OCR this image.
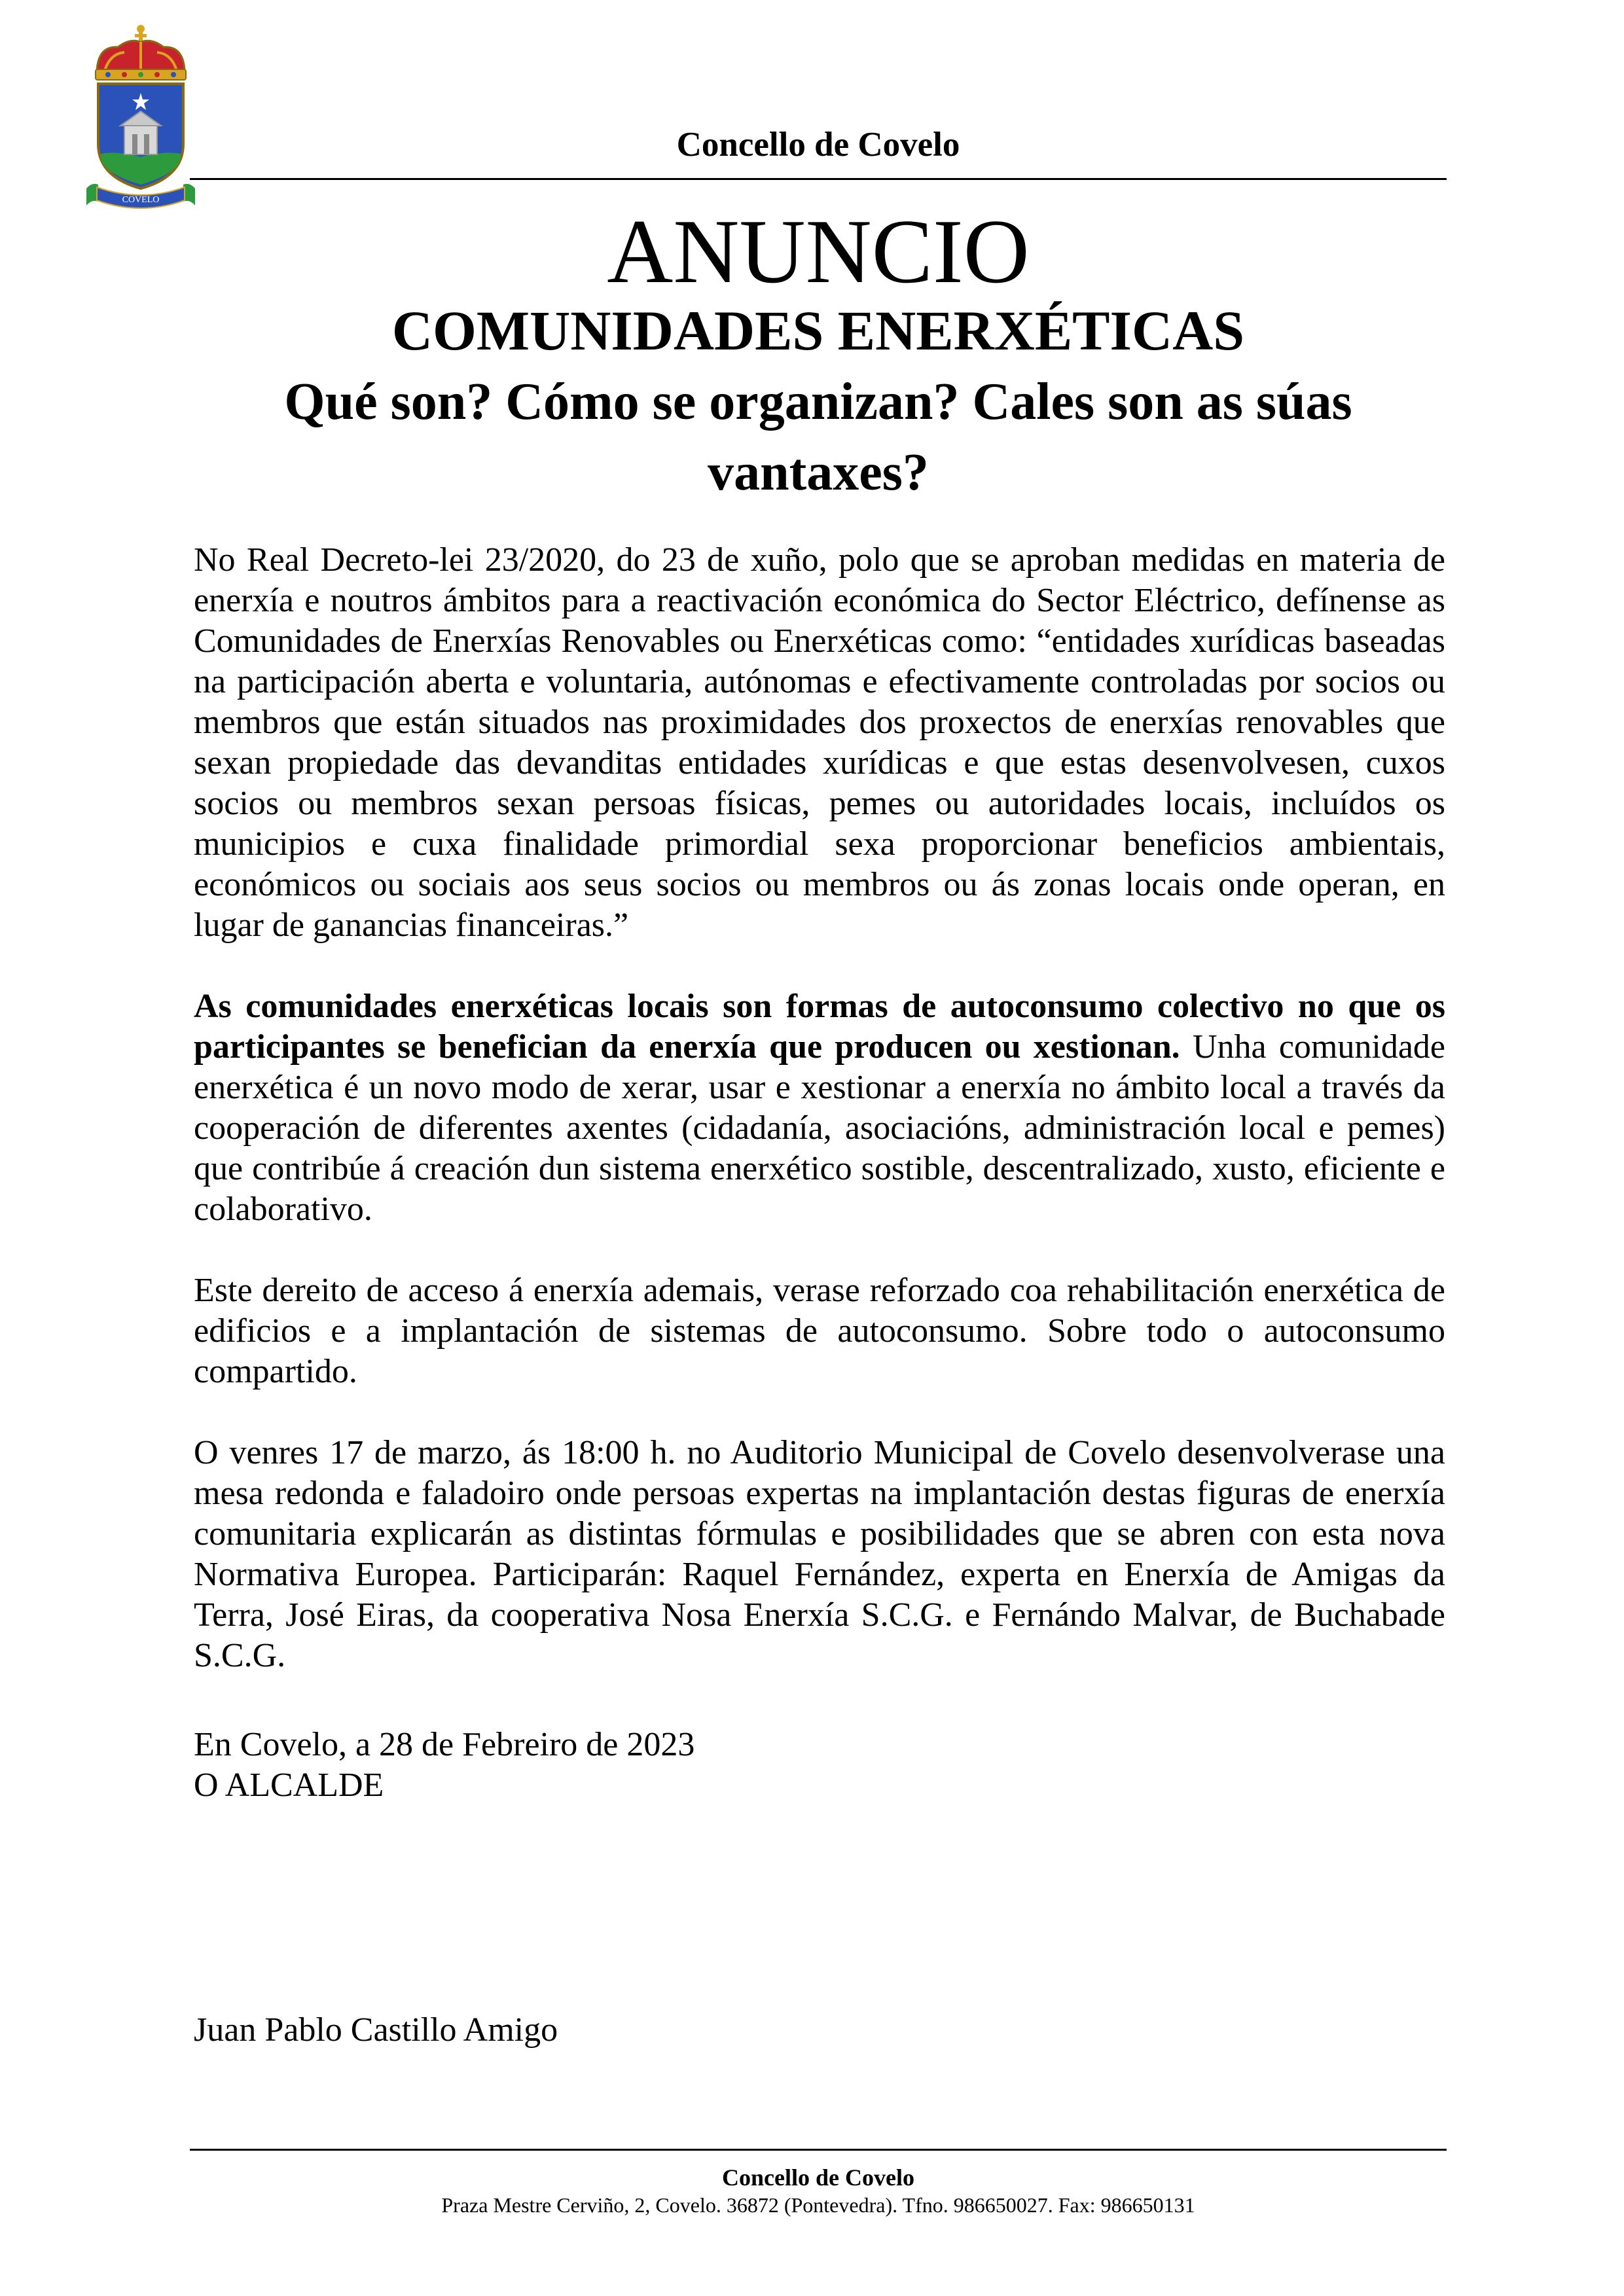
COVELO
Concello de Covelo
ANUNCIO
COMUNIDADES ENERXÉTICAS
Qué son? Cómo se organizan? Cales son as súas vantaxes?

No Real Decreto-lei 23/2020, do 23 de xuño, polo que se aproban medidas en materia de enerxía e noutros ámbitos para a reactivación económica do Sector Eléctrico, defínense as Comunidades de Enerxías Renovables ou Enerxéticas como: “entidades xurídicas baseadas na participación aberta e voluntaria, autónomas e efectivamente controladas por socios ou membros que están situados nas proximidades dos proxectos de enerxías renovables que sexan propiedade das devanditas entidades xurídicas e que estas desenvolvesen, cuxos socios ou membros sexan persoas físicas, pemes ou autoridades locais, incluídos os municipios e cuxa finalidade primordial sexa proporcionar beneficios ambientais, económicos ou sociais aos seus socios ou membros ou ás zonas locais onde operan, en lugar de ganancias financeiras.”

As comunidades enerxéticas locais son formas de autoconsumo colectivo no que os participantes se benefician da enerxía que producen ou xestionan. Unha comunidade enerxética é un novo modo de xerar, usar e xestionar a enerxía no ámbito local a través da cooperación de diferentes axentes (cidadanía, asociacións, administración local e pemes) que contribúe á creación dun sistema enerxético sostible, descentralizado, xusto, eficiente e colaborativo.

Este dereito de acceso á enerxía ademais, verase reforzado coa rehabilitación enerxética de edificios e a implantación de sistemas de autoconsumo. Sobre todo o autoconsumo compartido.

O venres 17 de marzo, ás 18:00 h. no Auditorio Municipal de Covelo desenvolverase una mesa redonda e faladoiro onde persoas expertas na implantación destas figuras de enerxía comunitaria explicarán as distintas fórmulas e posibilidades que se abren con esta nova Normativa Europea. Participarán: Raquel Fernández, experta en Enerxía de Amigas da Terra, José Eiras, da cooperativa Nosa Enerxía S.C.G. e Fernándo Malvar, de Buchabade S.C.G.

En Covelo, a 28 de Febreiro de 2023
O ALCALDE
Juan Pablo Castillo Amigo
Concello de Covelo
Praza Mestre Cerviño, 2, Covelo. 36872 (Pontevedra). Tfno. 986650027. Fax: 986650131
